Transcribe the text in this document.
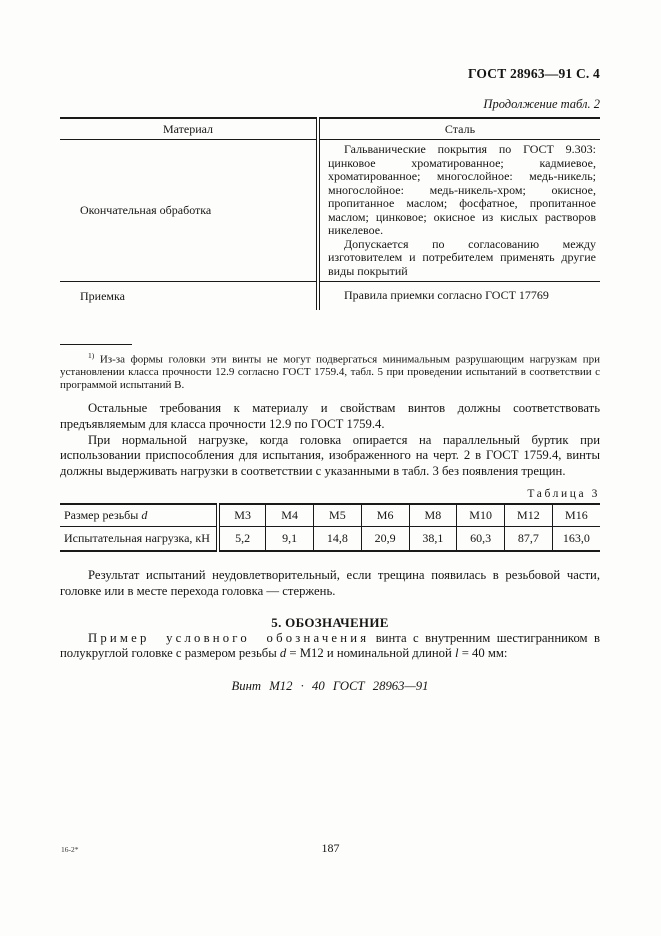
ГОСТ 28963—91 С. 4
Продолжение табл. 2
Материал	Сталь
Окончательная обработка	Гальванические покрытия по ГОСТ 9.303: цинковое хроматированное; кадмиевое, хроматированное; многослойное: медь-никель; многослойное: медь-никель-хром; окисное, пропитанное маслом; фосфатное, пропитанное маслом; цинковое; окисное из кислых растворов никелевое.

Допускается по согласованию между изготовителем и потребителем применять другие виды покрытий

Приемка	Правила приемки согласно ГОСТ 17769

$^{1)}$ Из-за формы головки эти винты не могут подвергаться минимальным разрушающим нагрузкам при установлении класса прочности 12.9 согласно ГОСТ 1759.4, табл. 5 при проведении испытаний в соответствии с программой испытаний В.

Остальные требования к материалу и свойствам винтов должны соответствовать предъявляемым для класса прочности 12.9 по ГОСТ 1759.4.

При нормальной нагрузке, когда головка опирается на параллельный буртик при использовании приспособления для испытания, изображенного на черт. 2 в ГОСТ 1759.4, винты должны выдерживать нагрузки в соответствии с указанными в табл. 3 без появления трещин.

Таблица 3
Размер резьбы d	М3	М4	М5	М6	М8	М10	М12	М16
Испытательная нагрузка, кН	5,2	9,1	14,8	20,9	38,1	60,3	87,7	163,0

Результат испытаний неудовлетворительный, если трещина появилась в резьбовой части, головке или в месте перехода головка — стержень.

5. ОБОЗНАЧЕНИЕ

Пример условного обозначения винта с внутренним шестигранником в полукруглой головке с размером резьбы d = М12 и номинальной длиной l = 40 мм:

Винт М12 · 40 ГОСТ 28963—91
16-2*	187
